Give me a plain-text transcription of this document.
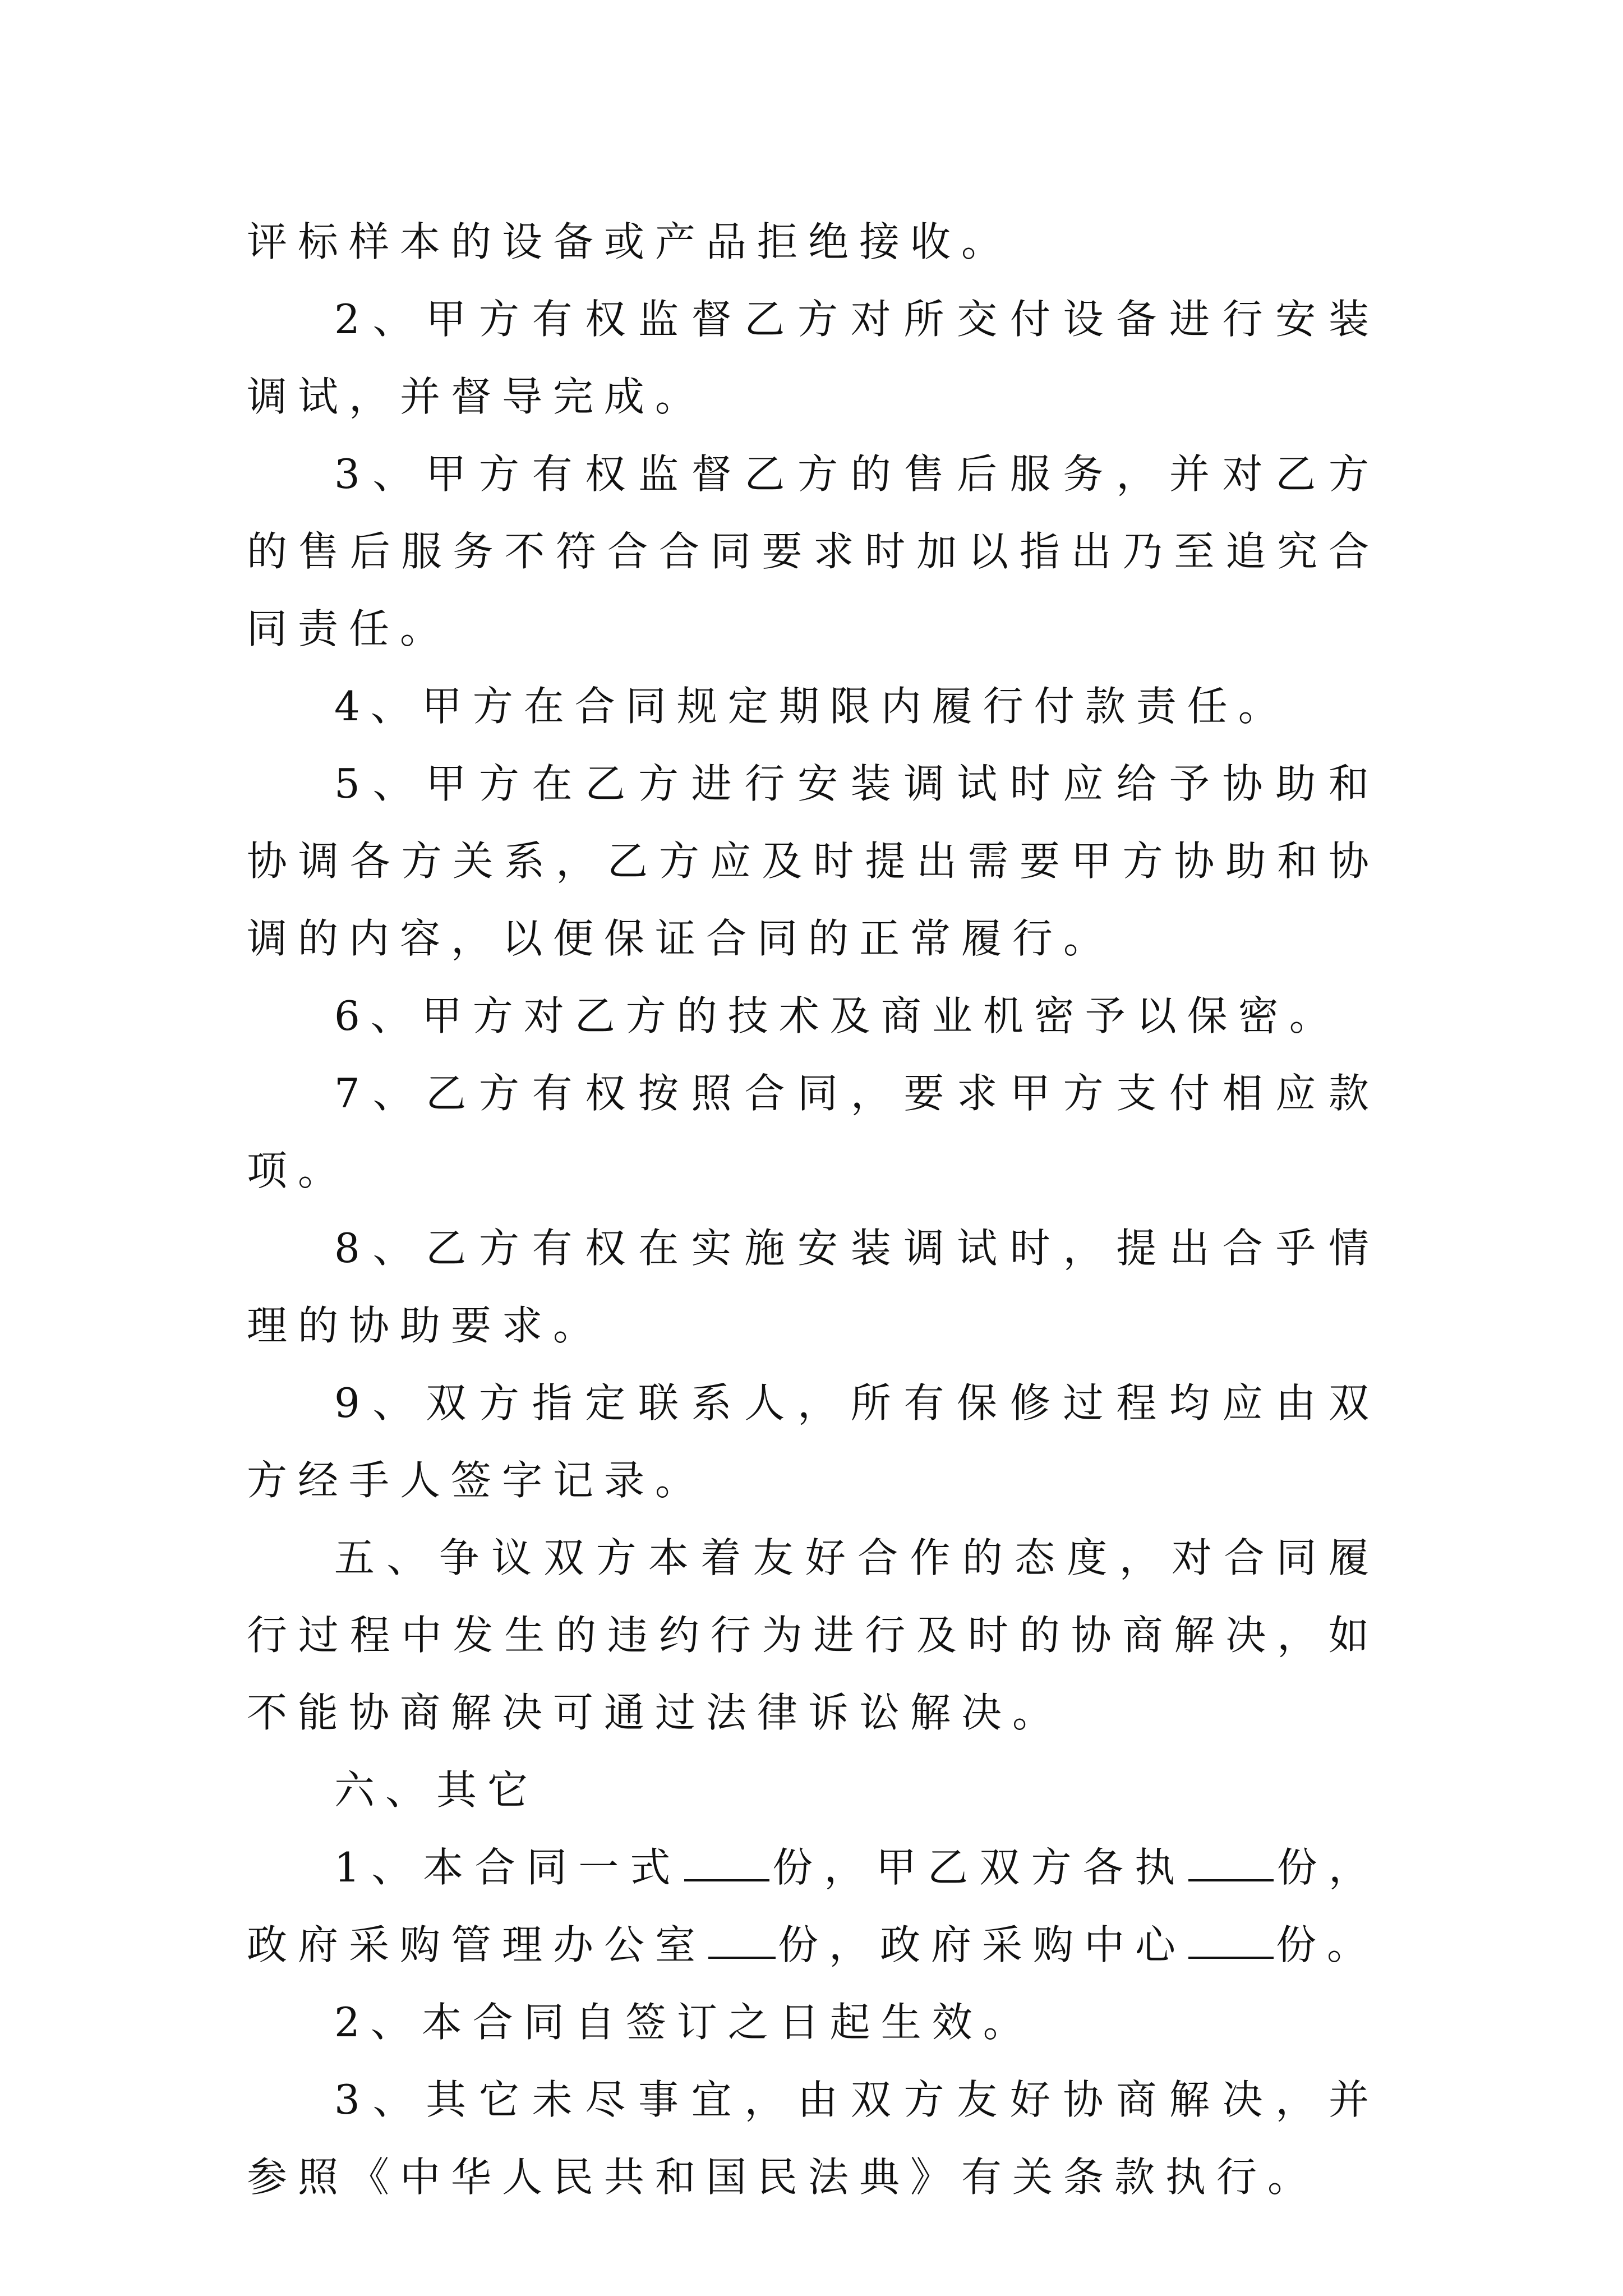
评标样本的设备或产品拒绝接收。

2、甲方有权监督乙方对所交付设备进行安装调试，并督导完成。

3、甲方有权监督乙方的售后服务，并对乙方的售后服务不符合合同要求时加以指出乃至追究合同责任。

4、甲方在合同规定期限内履行付款责任。

5、甲方在乙方进行安装调试时应给予协助和协调各方关系，乙方应及时提出需要甲方协助和协调的内容，以便保证合同的正常履行。

6、甲方对乙方的技术及商业机密予以保密。

7、乙方有权按照合同，要求甲方支付相应款项。

8、乙方有权在实施安装调试时，提出合乎情理的协助要求。

9、双方指定联系人，所有保修过程均应由双方经手人签字记录。

五、争议双方本着友好合作的态度，对合同履行过程中发生的违约行为进行及时的协商解决，如不能协商解决可通过法律诉讼解决。

六、其它

1、本合同一式 份，甲乙双方各执 份，政府采购管理办公室 份，政府采购中心 份。

2、本合同自签订之日起生效。

3、其它未尽事宜，由双方友好协商解决，并参照《中华人民共和国民法典》有关条款执行。
